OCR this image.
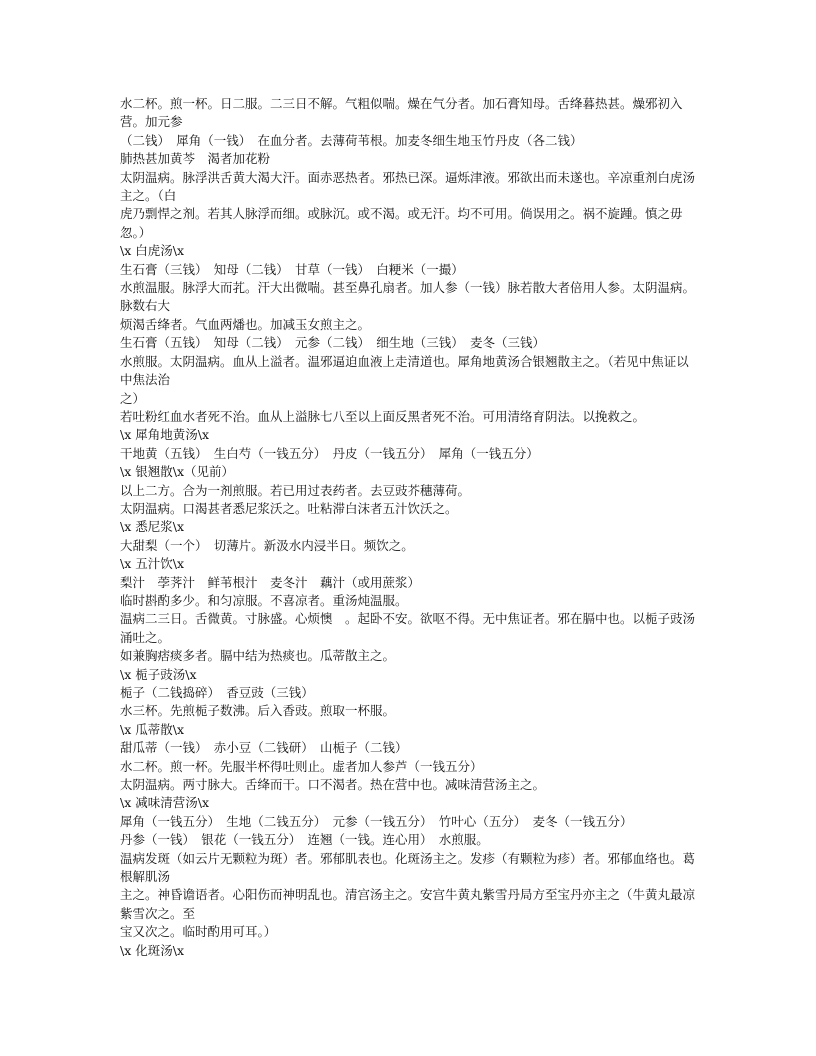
水二杯。煎一杯。日二服。二三日不解。气粗似喘。燥在气分者。加石膏知母。舌绛暮热甚。燥邪初入营。加元参

（二钱）　犀角（一钱）　在血分者。去薄荷苇根。加麦冬细生地玉竹丹皮（各二钱）

肺热甚加黄芩　渴者加花粉

太阴温病。脉浮洪舌黄大渴大汗。面赤恶热者。邪热已深。逼烁津液。邪欲出而未遂也。辛凉重剂白虎汤主之。（白

虎乃剽悍之剂。若其人脉浮而细。或脉沉。或不渴。或无汗。均不可用。倘误用之。祸不旋踵。慎之毋忽。）

\x 白虎汤\x

生石膏（三钱）　知母（二钱）　甘草（一钱）　白粳米（一撮）

水煎温服。脉浮大而芤。汗大出微喘。甚至鼻孔扇者。加人参（一钱）脉若散大者倍用人参。太阴温病。脉数右大

烦渴舌绛者。气血两燔也。加减玉女煎主之。

生石膏（五钱）　知母（二钱）　元参（二钱）　细生地（三钱）　麦冬（三钱）

水煎服。太阴温病。血从上溢者。温邪逼迫血液上走清道也。犀角地黄汤合银翘散主之。（若见中焦证以中焦法治

之）

若吐粉红血水者死不治。血从上溢脉七八至以上面反黑者死不治。可用清络育阴法。以挽救之。

\x 犀角地黄汤\x

干地黄（五钱）　生白芍（一钱五分）　丹皮（一钱五分）　犀角（一钱五分）

\x 银翘散\x（见前）

以上二方。合为一剂煎服。若已用过表药者。去豆豉芥穗薄荷。

太阴温病。口渴甚者悉尼浆沃之。吐粘滞白沫者五汁饮沃之。

\x 悉尼浆\x

大甜梨（一个）　切薄片。新汲水内浸半日。频饮之。

\x 五汁饮\x

梨汁　荸荠汁　鲜苇根汁　麦冬汁　藕汁（或用蔗浆）

临时斟酌多少。和匀凉服。不喜凉者。重汤炖温服。

温病二三日。舌微黄。寸脉盛。心烦懊　。起卧不安。欲呕不得。无中焦证者。邪在膈中也。以栀子豉汤涌吐之。

如兼胸痞痰多者。膈中结为热痰也。瓜蒂散主之。

\x 栀子豉汤\x

栀子（二钱捣碎）　香豆豉（三钱）

水三杯。先煎栀子数沸。后入香豉。煎取一杯服。

\x 瓜蒂散\x

甜瓜蒂（一钱）　赤小豆（二钱研）　山栀子（二钱）

水二杯。煎一杯。先服半杯得吐则止。虚者加人参芦（一钱五分）

太阴温病。两寸脉大。舌绛而干。口不渴者。热在营中也。减味清营汤主之。

\x 减味清营汤\x

犀角（一钱五分）　生地（二钱五分）　元参（一钱五分）　竹叶心（五分）　麦冬（一钱五分）

丹参（一钱）　银花（一钱五分）　连翘（一钱。连心用）　水煎服。

温病发斑（如云片无颗粒为斑）者。邪郁肌表也。化斑汤主之。发疹（有颗粒为疹）者。邪郁血络也。葛根解肌汤

主之。神昏谵语者。心阳伤而神明乱也。清宫汤主之。安宫牛黄丸紫雪丹局方至宝丹亦主之（牛黄丸最凉紫雪次之。至

宝又次之。临时酌用可耳。）

\x 化斑汤\x
